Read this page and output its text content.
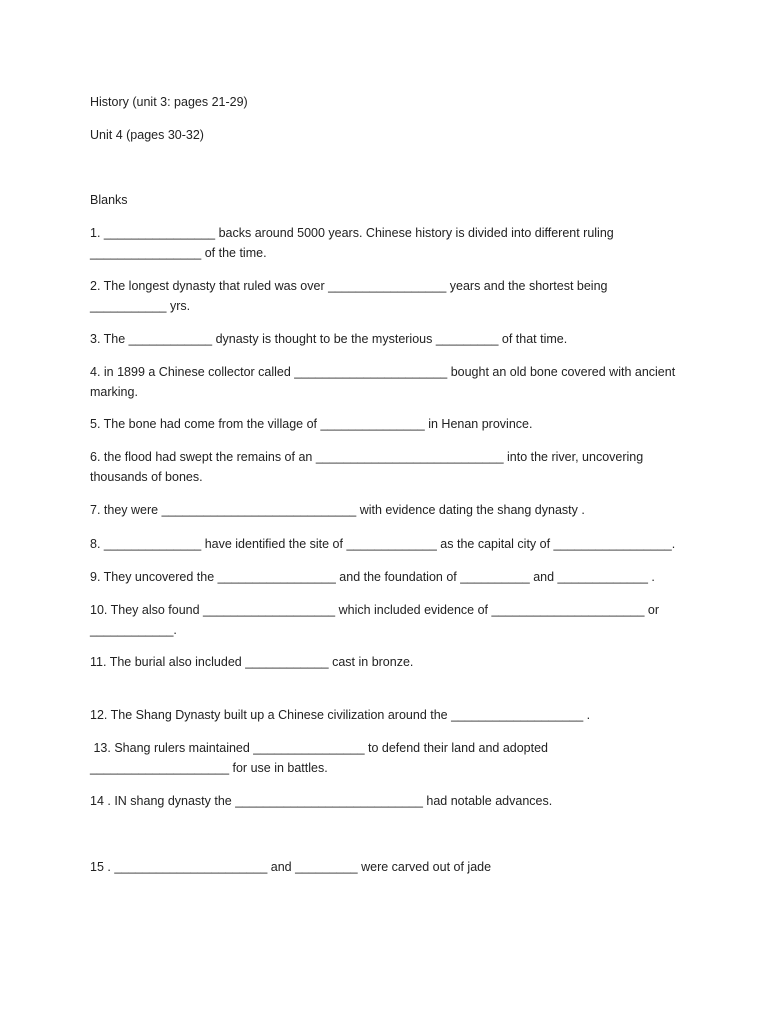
History (unit 3: pages 21-29)
Unit 4 (pages 30-32)
Blanks
1. ________________ backs around 5000 years. Chinese history is divided into different ruling
________________ of the time.
2. The longest dynasty that ruled was over _________________ years and the shortest being
___________ yrs.
3. The ____________ dynasty is thought to be the mysterious _________ of that time.
4. in 1899 a Chinese collector called ______________________ bought an old bone covered with ancient
marking.
5. The bone had come from the village of _______________ in Henan province.
6. the flood had swept the remains of an ___________________________ into the river, uncovering
thousands of bones.
7. they were ____________________________ with evidence dating the shang dynasty .
8. ______________ have identified the site of _____________ as the capital city of _________________.
9. They uncovered the _________________ and the foundation of __________ and _____________ .
10. They also found ___________________ which included evidence of ______________________ or
____________.
11. The burial also included ____________ cast in bronze.
12. The Shang Dynasty built up a Chinese civilization around the ___________________ .
13. Shang rulers maintained ________________ to defend their land and adopted
____________________ for use in battles.
14 . IN shang dynasty the ___________________________ had notable advances.
15 . ______________________ and _________ were carved out of jade
